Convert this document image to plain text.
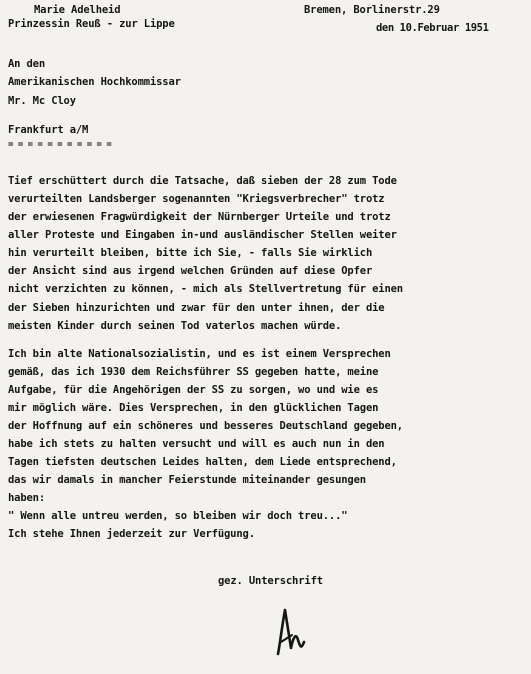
Marie Adelheid
Prinzessin Reuß - zur Lippe
Bremen, Borlinerstr.29
den 10.Februar 1951
An den
Amerikanischen Hochkommissar
Mr. Mc Cloy
Frankfurt a/M
= = = = = = = = = = =
Tief erschüttert durch die Tatsache, daß sieben der 28 zum Tode
verurteilten Landsberger sogenannten "Kriegsverbrecher" trotz
der erwiesenen Fragwürdigkeit der Nürnberger Urteile und trotz
aller Proteste und Eingaben in-und ausländischer Stellen weiter
hin verurteilt bleiben, bitte ich Sie, - falls Sie wirklich
der Ansicht sind aus irgend welchen Gründen auf diese Opfer
nicht verzichten zu können, - mich als Stellvertretung für einen
der Sieben hinzurichten und zwar für den unter ihnen, der die
meisten Kinder durch seinen Tod vaterlos machen würde.
Ich bin alte Nationalsozialistin, und es ist einem Versprechen
gemäß, das ich 1930 dem Reichsführer SS gegeben hatte, meine
Aufgabe, für die Angehörigen der SS zu sorgen, wo und wie es
mir möglich wäre. Dies Versprechen, in den glücklichen Tagen
der Hoffnung auf ein schöneres und besseres Deutschland gegeben,
habe ich stets zu halten versucht und will es auch nun in den
Tagen tiefsten deutschen Leides halten, dem Liede entsprechend,
das wir damals in mancher Feierstunde miteinander gesungen
haben:
" Wenn alle untreu werden, so bleiben wir doch treu..."
Ich stehe Ihnen jederzeit zur Verfügung.
gez. Unterschrift
